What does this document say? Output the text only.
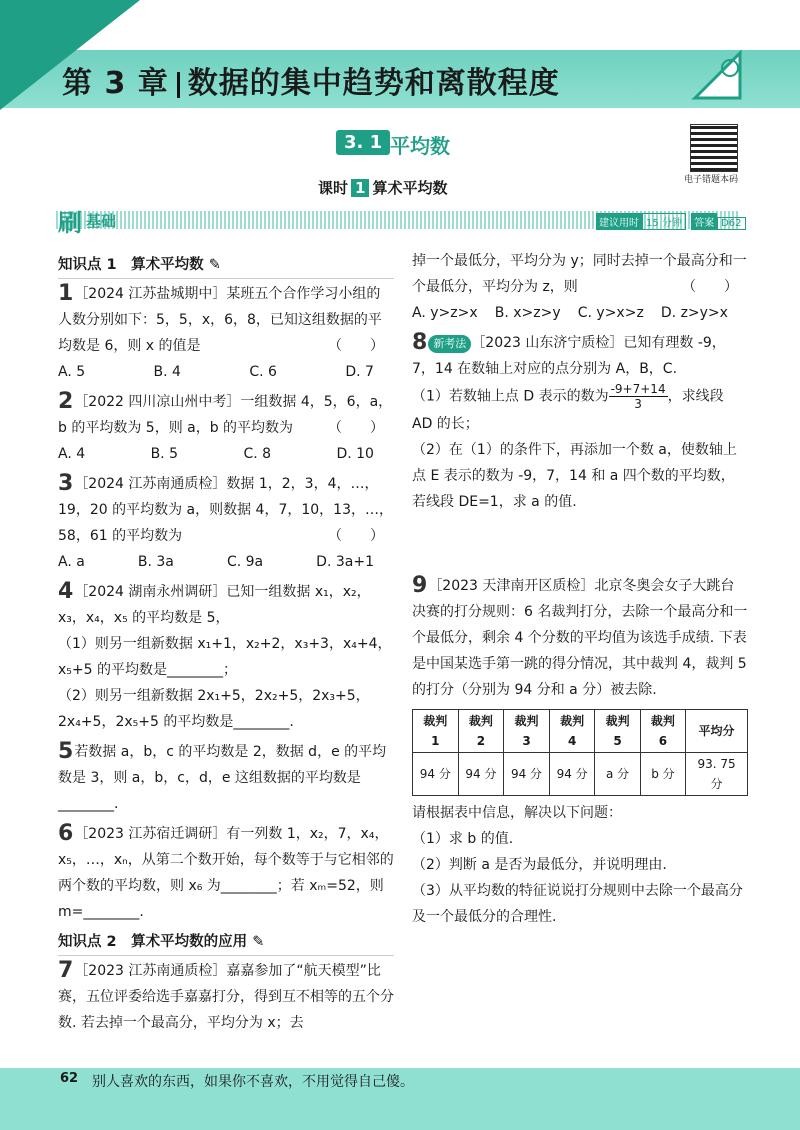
第 3 章 数据的集中趋势和离散程度
3. 1 平均数
电子错题本码
课时 1 算术平均数
刷 基础	建议用时 15 分钟 答案 D62
知识点 1　算术平均数 ✎
1［2024 江苏盐城期中］某班五个合作学习小组的人数分别如下：5，5，x，6，8，已知这组数据的平均数是 6，则 x 的值是	（　　）
A. 5	B. 4	C. 6	D. 7
2［2022 四川凉山州中考］一组数据 4，5，6，a，b 的平均数为 5，则 a，b 的平均数为 （　　）
A. 4	B. 5	C. 8	D. 10
3［2024 江苏南通质检］数据 1，2，3，4，…，19，20 的平均数为 a，则数据 4，7，10，13，…，58，61 的平均数为	（　　）
A. a	B. 3a	C. 9a	D. 3a+1
4［2024 湖南永州调研］已知一组数据 x₁，x₂，x₃，x₄，x₅ 的平均数是 5，
（1）则另一组新数据 x₁+1，x₂+2，x₃+3，x₄+4，x₅+5 的平均数是________；
（2）则另一组新数据 2x₁+5，2x₂+5，2x₃+5，2x₄+5，2x₅+5 的平均数是________.
5若数据 a，b，c 的平均数是 2，数据 d，e 的平均数是 3，则 a，b，c，d，e 这组数据的平均数是________.
6［2023 江苏宿迁调研］有一列数 1，x₂，7，x₄，x₅，…，xₙ，从第二个数开始，每个数等于与它相邻的两个数的平均数，则 x₆ 为________；若 xₘ=52，则 m=________.
知识点 2　算术平均数的应用 ✎
7［2023 江苏南通质检］嘉嘉参加了“航天模型”比赛，五位评委给选手嘉嘉打分，得到互不相等的五个分数. 若去掉一个最高分，平均分为 x；去
掉一个最低分，平均分为 y；同时去掉一个最高分和一个最低分，平均分为 z，则	（　　）
A. y>z>x B. x>z>y C. y>x>z D. z>y>x
8 新考法 ［2023 山东济宁质检］已知有理数 -9，7，14 在数轴上对应的点分别为 A，B，C.
（1）若数轴上点 D 表示的数为 $\frac{-9+7+14}{3}$ ，求线段 AD 的长；
（2）在（1）的条件下，再添加一个数 a，使数轴上点 E 表示的数为 -9，7，14 和 a 四个数的平均数，若线段 DE=1，求 a 的值.
9［2023 天津南开区质检］北京冬奥会女子大跳台决赛的打分规则：6 名裁判打分，去除一个最高分和一个最低分，剩余 4 个分数的平均值为该选手成绩. 下表是中国某选手第一跳的得分情况，其中裁判 4，裁判 5 的打分（分别为 94 分和 a 分）被去除.
裁判 1	裁判 2	裁判 3	裁判 4	裁判 5	裁判 6	平均分
94 分	94 分	94 分	94 分	a 分	b 分	93. 75 分
请根据表中信息，解决以下问题：
（1）求 b 的值.
（2）判断 a 是否为最低分，并说明理由.
（3）从平均数的特征说说打分规则中去除一个最高分及一个最低分的合理性.
62 别人喜欢的东西，如果你不喜欢，不用觉得自己傻。
